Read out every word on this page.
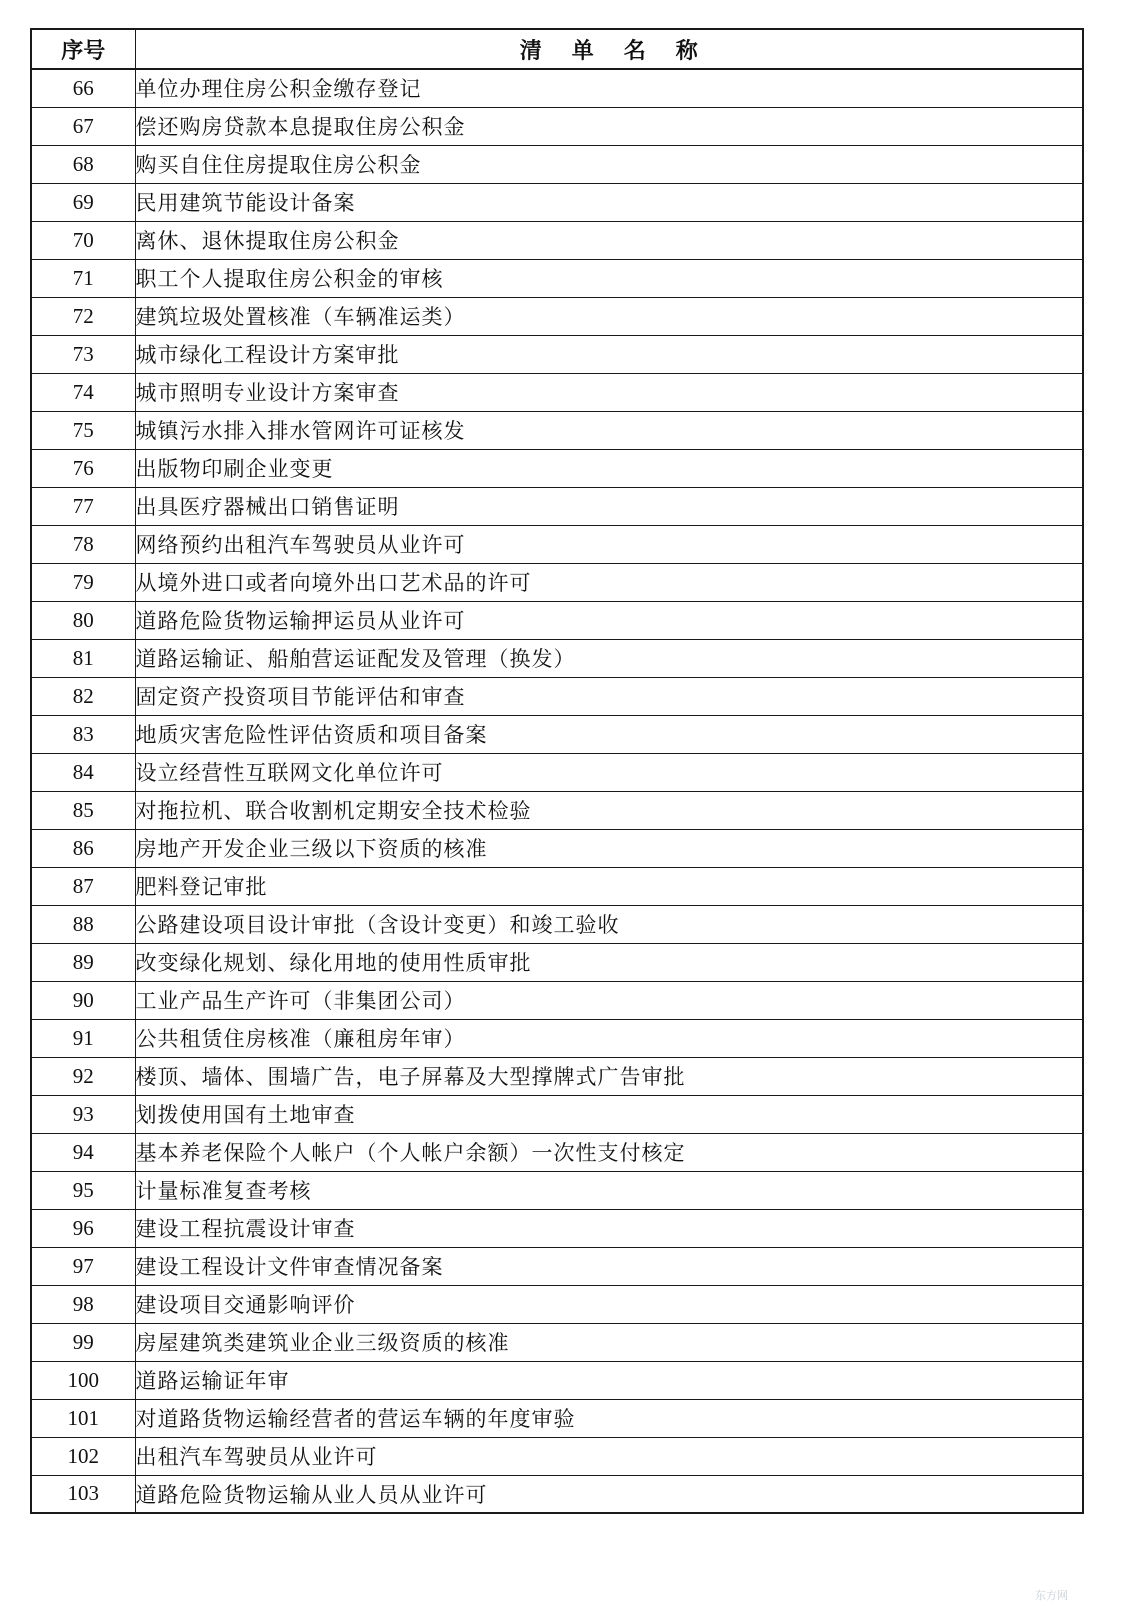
序号	清单名称
66	单位办理住房公积金缴存登记
67	偿还购房贷款本息提取住房公积金
68	购买自住住房提取住房公积金
69	民用建筑节能设计备案
70	离休、退休提取住房公积金
71	职工个人提取住房公积金的审核
72	建筑垃圾处置核准（车辆准运类）
73	城市绿化工程设计方案审批
74	城市照明专业设计方案审查
75	城镇污水排入排水管网许可证核发
76	出版物印刷企业变更
77	出具医疗器械出口销售证明
78	网络预约出租汽车驾驶员从业许可
79	从境外进口或者向境外出口艺术品的许可
80	道路危险货物运输押运员从业许可
81	道路运输证、船舶营运证配发及管理（换发）
82	固定资产投资项目节能评估和审查
83	地质灾害危险性评估资质和项目备案
84	设立经营性互联网文化单位许可
85	对拖拉机、联合收割机定期安全技术检验
86	房地产开发企业三级以下资质的核准
87	肥料登记审批
88	公路建设项目设计审批（含设计变更）和竣工验收
89	改变绿化规划、绿化用地的使用性质审批
90	工业产品生产许可（非集团公司）
91	公共租赁住房核准（廉租房年审）
92	楼顶、墙体、围墙广告，电子屏幕及大型撑牌式广告审批
93	划拨使用国有土地审查
94	基本养老保险个人帐户（个人帐户余额）一次性支付核定
95	计量标准复查考核
96	建设工程抗震设计审查
97	建设工程设计文件审查情况备案
98	建设项目交通影响评价
99	房屋建筑类建筑业企业三级资质的核准
100	道路运输证年审
101	对道路货物运输经营者的营运车辆的年度审验
102	出租汽车驾驶员从业许可
103	道路危险货物运输从业人员从业许可
东方网
